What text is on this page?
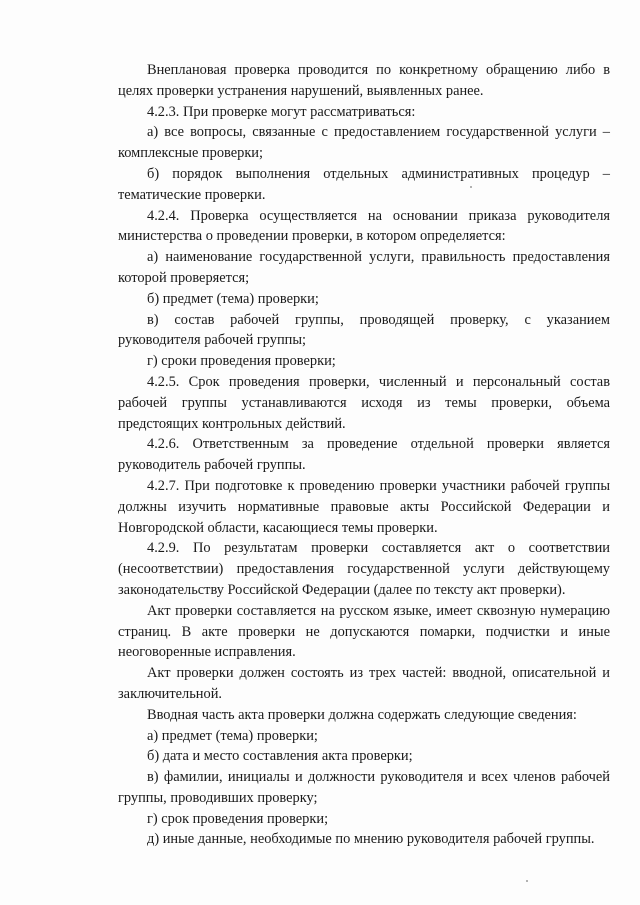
Внеплановая проверка проводится по конкретному обращению либо в целях проверки устранения нарушений, выявленных ранее.

4.2.3. При проверке могут рассматриваться:

а) все вопросы, связанные с предоставлением государственной услуги – комплексные проверки;

б) порядок выполнения отдельных административных процедур – тематические проверки.

4.2.4. Проверка осуществляется на основании приказа руководителя министерства о проведении проверки, в котором определяется:

а) наименование государственной услуги, правильность предоставления которой проверяется;

б) предмет (тема) проверки;

в) состав рабочей группы, проводящей проверку, с указанием руководителя рабочей группы;

г) сроки проведения проверки;

4.2.5. Срок проведения проверки, численный и персональный состав рабочей группы устанавливаются исходя из темы проверки, объема предстоящих контрольных действий.

4.2.6. Ответственным за проведение отдельной проверки является руководитель рабочей группы.

4.2.7. При подготовке к проведению проверки участники рабочей группы должны изучить нормативные правовые акты Российской Федерации и Новгородской области, касающиеся темы проверки.

4.2.9. По результатам проверки составляется акт о соответствии (несоответствии) предоставления государственной услуги действующему законодательству Российской Федерации (далее по тексту акт проверки).

Акт проверки составляется на русском языке, имеет сквозную нумерацию страниц. В акте проверки не допускаются помарки, подчистки и иные неоговоренные исправления.

Акт проверки должен состоять из трех частей: вводной, описательной и заключительной.

Вводная часть акта проверки должна содержать следующие сведения:

а) предмет (тема) проверки;

б) дата и место составления акта проверки;

в) фамилии, инициалы и должности руководителя и всех членов рабочей группы, проводивших проверку;

г) срок проведения проверки;

д) иные данные, необходимые по мнению руководителя рабочей группы.
